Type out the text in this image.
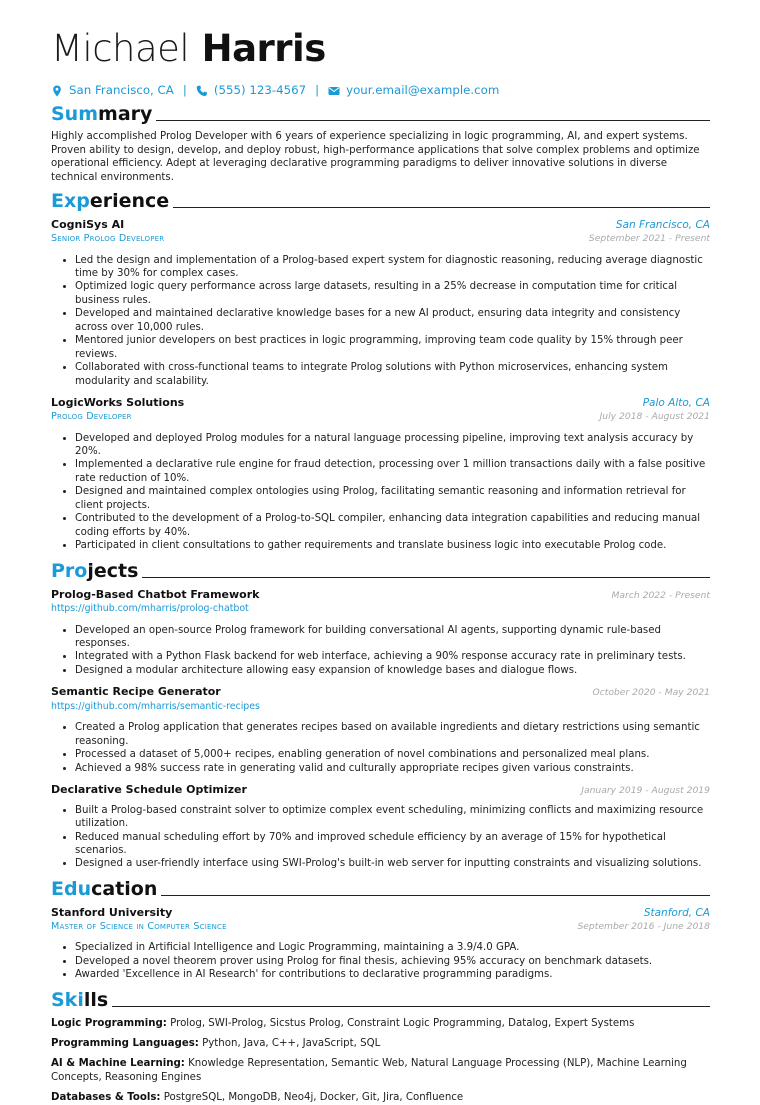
Michael Harris
San Francisco, CA | (555) 123-4567 | your.email@example.com
Summary

Highly accomplished Prolog Developer with 6 years of experience specializing in logic programming, AI, and expert systems. Proven ability to design, develop, and deploy robust, high-performance applications that solve complex problems and optimize operational efficiency. Adept at leveraging declarative programming paradigms to deliver innovative solutions in diverse technical environments.

Experience
CogniSys AI	San Francisco, CA
Senior Prolog Developer	September 2021 - Present
• Led the design and implementation of a Prolog-based expert system for diagnostic reasoning, reducing average diagnostic time by 30% for complex cases.
• Optimized logic query performance across large datasets, resulting in a 25% decrease in computation time for critical business rules.
• Developed and maintained declarative knowledge bases for a new AI product, ensuring data integrity and consistency across over 10,000 rules.
• Mentored junior developers on best practices in logic programming, improving team code quality by 15% through peer reviews.
• Collaborated with cross-functional teams to integrate Prolog solutions with Python microservices, enhancing system modularity and scalability.
LogicWorks Solutions	Palo Alto, CA
Prolog Developer	July 2018 - August 2021
• Developed and deployed Prolog modules for a natural language processing pipeline, improving text analysis accuracy by 20%.
• Implemented a declarative rule engine for fraud detection, processing over 1 million transactions daily with a false positive rate reduction of 10%.
• Designed and maintained complex ontologies using Prolog, facilitating semantic reasoning and information retrieval for client projects.
• Contributed to the development of a Prolog-to-SQL compiler, enhancing data integration capabilities and reducing manual coding efforts by 40%.
• Participated in client consultations to gather requirements and translate business logic into executable Prolog code.
Projects
Prolog-Based Chatbot Framework	March 2022 - Present
https://github.com/mharris/prolog-chatbot
• Developed an open-source Prolog framework for building conversational AI agents, supporting dynamic rule-based responses.
• Integrated with a Python Flask backend for web interface, achieving a 90% response accuracy rate in preliminary tests.
• Designed a modular architecture allowing easy expansion of knowledge bases and dialogue flows.
Semantic Recipe Generator	October 2020 - May 2021
https://github.com/mharris/semantic-recipes
• Created a Prolog application that generates recipes based on available ingredients and dietary restrictions using semantic reasoning.
• Processed a dataset of 5,000+ recipes, enabling generation of novel combinations and personalized meal plans.
• Achieved a 98% success rate in generating valid and culturally appropriate recipes given various constraints.
Declarative Schedule Optimizer	January 2019 - August 2019
• Built a Prolog-based constraint solver to optimize complex event scheduling, minimizing conflicts and maximizing resource utilization.
• Reduced manual scheduling effort by 70% and improved schedule efficiency by an average of 15% for hypothetical scenarios.
• Designed a user-friendly interface using SWI-Prolog's built-in web server for inputting constraints and visualizing solutions.
Education
Stanford University	Stanford, CA
Master of Science in Computer Science	September 2016 - June 2018
• Specialized in Artificial Intelligence and Logic Programming, maintaining a 3.9/4.0 GPA.
• Developed a novel theorem prover using Prolog for final thesis, achieving 95% accuracy on benchmark datasets.
• Awarded 'Excellence in AI Research' for contributions to declarative programming paradigms.
Skills
Logic Programming: Prolog, SWI-Prolog, Sicstus Prolog, Constraint Logic Programming, Datalog, Expert Systems
Programming Languages: Python, Java, C++, JavaScript, SQL
AI & Machine Learning: Knowledge Representation, Semantic Web, Natural Language Processing (NLP), Machine Learning Concepts, Reasoning Engines
Databases & Tools: PostgreSQL, MongoDB, Neo4j, Docker, Git, Jira, Confluence
